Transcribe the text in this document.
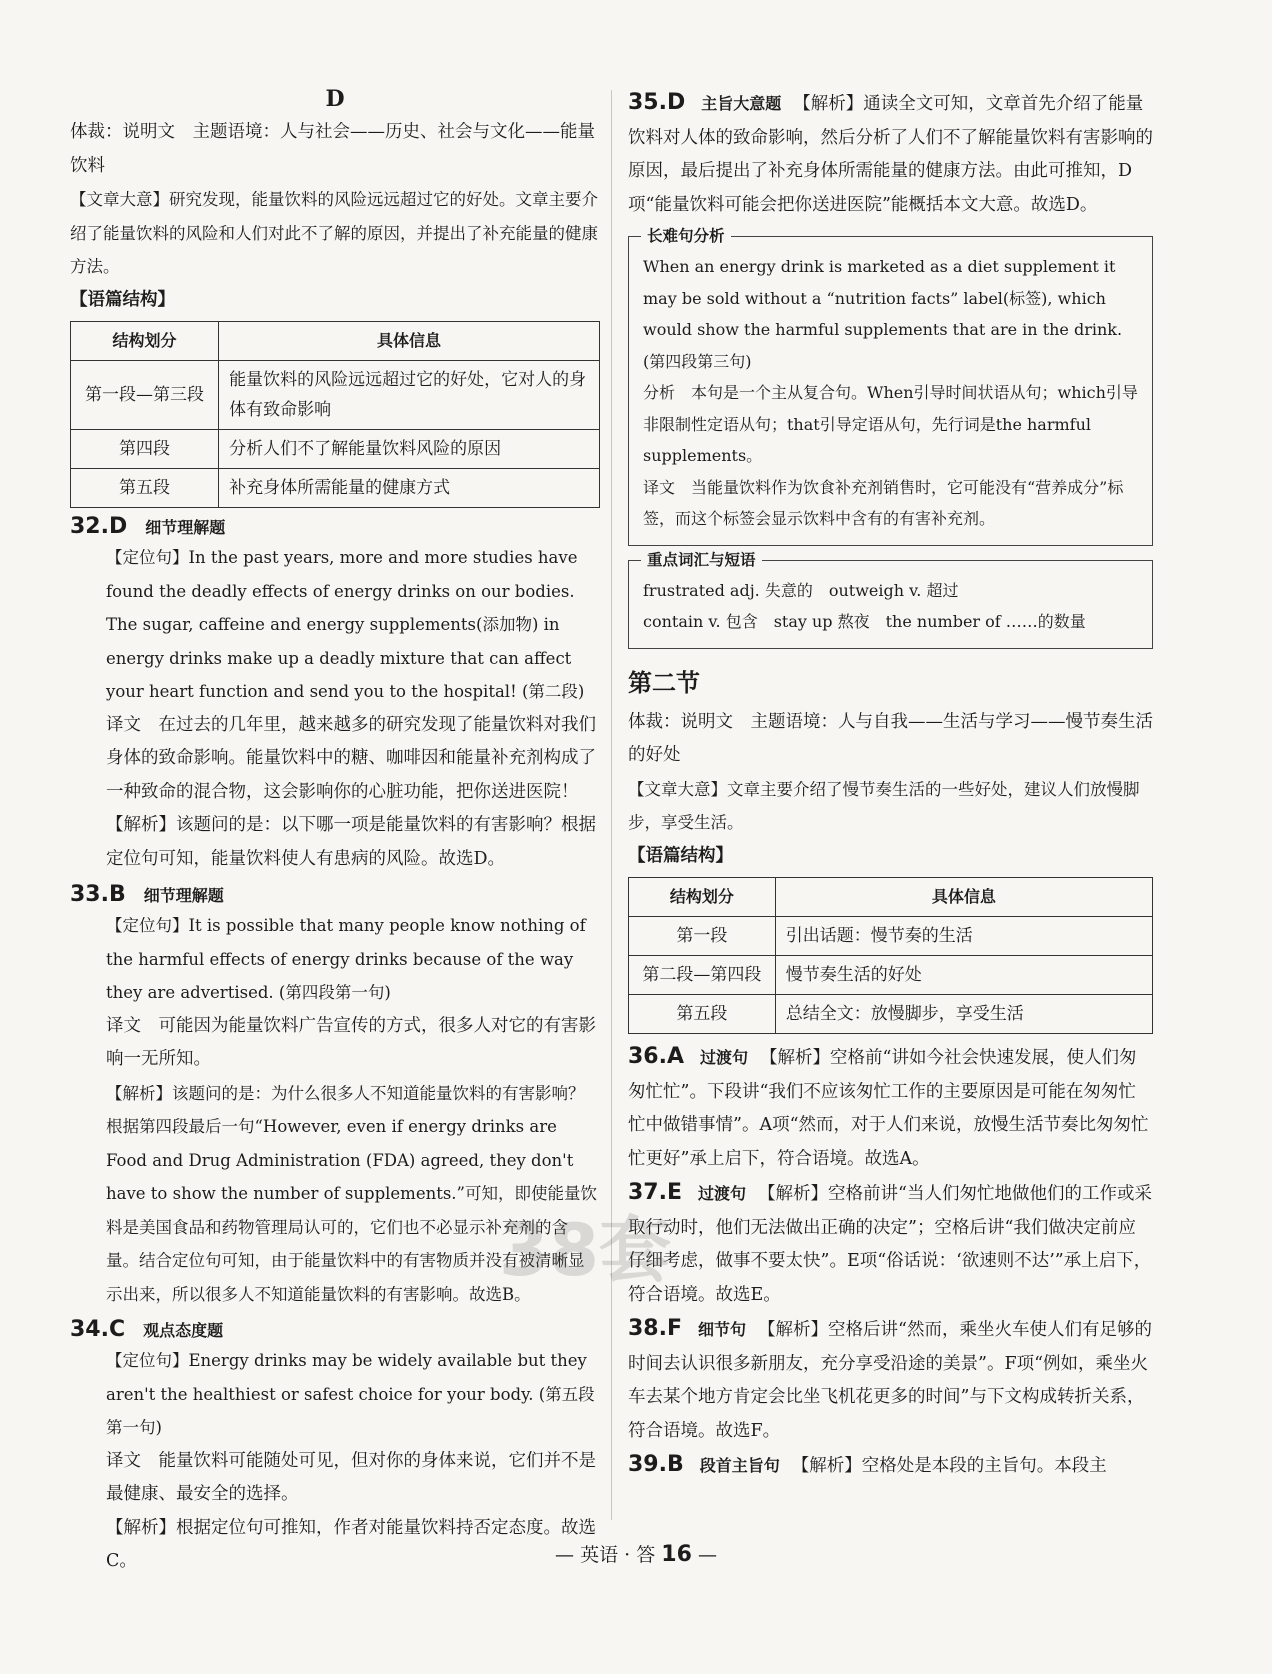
D

体裁：说明文　主题语境：人与社会——历史、社会与文化——能量饮料

【文章大意】研究发现，能量饮料的风险远远超过它的好处。文章主要介绍了能量饮料的风险和人们对此不了解的原因，并提出了补充能量的健康方法。

【语篇结构】

结构划分	具体信息
第一段—第三段	能量饮料的风险远远超过它的好处，它对人的身体有致命影响
第四段	分析人们不了解能量饮料风险的原因
第五段	补充身体所需能量的健康方式
32.D 细节理解题

【定位句】In the past years, more and more studies have found the deadly effects of energy drinks on our bodies. The sugar, caffeine and energy supplements(添加物) in energy drinks make up a deadly mixture that can affect your heart function and send you to the hospital! (第二段)

译文　在过去的几年里，越来越多的研究发现了能量饮料对我们身体的致命影响。能量饮料中的糖、咖啡因和能量补充剂构成了一种致命的混合物，这会影响你的心脏功能，把你送进医院！

【解析】该题问的是：以下哪一项是能量饮料的有害影响？根据定位句可知，能量饮料使人有患病的风险。故选D。

33.B 细节理解题

【定位句】It is possible that many people know nothing of the harmful effects of energy drinks because of the way they are advertised. (第四段第一句)

译文　可能因为能量饮料广告宣传的方式，很多人对它的有害影响一无所知。

【解析】该题问的是：为什么很多人不知道能量饮料的有害影响？根据第四段最后一句“However, even if energy drinks are Food and Drug Administration (FDA) agreed, they don't have to show the number of supplements.”可知，即使能量饮料是美国食品和药物管理局认可的，它们也不必显示补充剂的含量。结合定位句可知，由于能量饮料中的有害物质并没有被清晰显示出来，所以很多人不知道能量饮料的有害影响。故选B。

34.C 观点态度题

【定位句】Energy drinks may be widely available but they aren't the healthiest or safest choice for your body. (第五段第一句)

译文　能量饮料可能随处可见，但对你的身体来说，它们并不是最健康、最安全的选择。

【解析】根据定位句可推知，作者对能量饮料持否定态度。故选C。

35.D 主旨大意题 【解析】通读全文可知，文章首先介绍了能量饮料对人体的致命影响，然后分析了人们不了解能量饮料有害影响的原因，最后提出了补充身体所需能量的健康方法。由此可推知，D项“能量饮料可能会把你送进医院”能概括本文大意。故选D。

长难句分析

When an energy drink is marketed as a diet supplement it may be sold without a “nutrition facts” label(标签), which would show the harmful supplements that are in the drink. (第四段第三句)

分析　本句是一个主从复合句。When引导时间状语从句；which引导非限制性定语从句；that引导定语从句，先行词是the harmful supplements。

译文　当能量饮料作为饮食补充剂销售时，它可能没有“营养成分”标签，而这个标签会显示饮料中含有的有害补充剂。

重点词汇与短语

frustrated adj. 失意的　outweigh v. 超过

contain v. 包含　stay up 熬夜　the number of ……的数量

第二节

体裁：说明文　主题语境：人与自我——生活与学习——慢节奏生活的好处

【文章大意】文章主要介绍了慢节奏生活的一些好处，建议人们放慢脚步，享受生活。

【语篇结构】

结构划分	具体信息
第一段	引出话题：慢节奏的生活
第二段—第四段	慢节奏生活的好处
第五段	总结全文：放慢脚步，享受生活

36.A 过渡句 【解析】空格前“讲如今社会快速发展，使人们匆匆忙忙”。下段讲“我们不应该匆忙工作的主要原因是可能在匆匆忙忙中做错事情”。A项“然而，对于人们来说，放慢生活节奏比匆匆忙忙更好”承上启下，符合语境。故选A。

37.E 过渡句 【解析】空格前讲“当人们匆忙地做他们的工作或采取行动时，他们无法做出正确的决定”；空格后讲“我们做决定前应仔细考虑，做事不要太快”。E项“俗话说：‘欲速则不达’”承上启下，符合语境。故选E。

38.F 细节句 【解析】空格后讲“然而，乘坐火车使人们有足够的时间去认识很多新朋友，充分享受沿途的美景”。F项“例如，乘坐火车去某个地方肯定会比坐飞机花更多的时间”与下文构成转折关系，符合语境。故选F。

39.B 段首主旨句 【解析】空格处是本段的主旨句。本段主

38套
— 英语 · 答 16 —
